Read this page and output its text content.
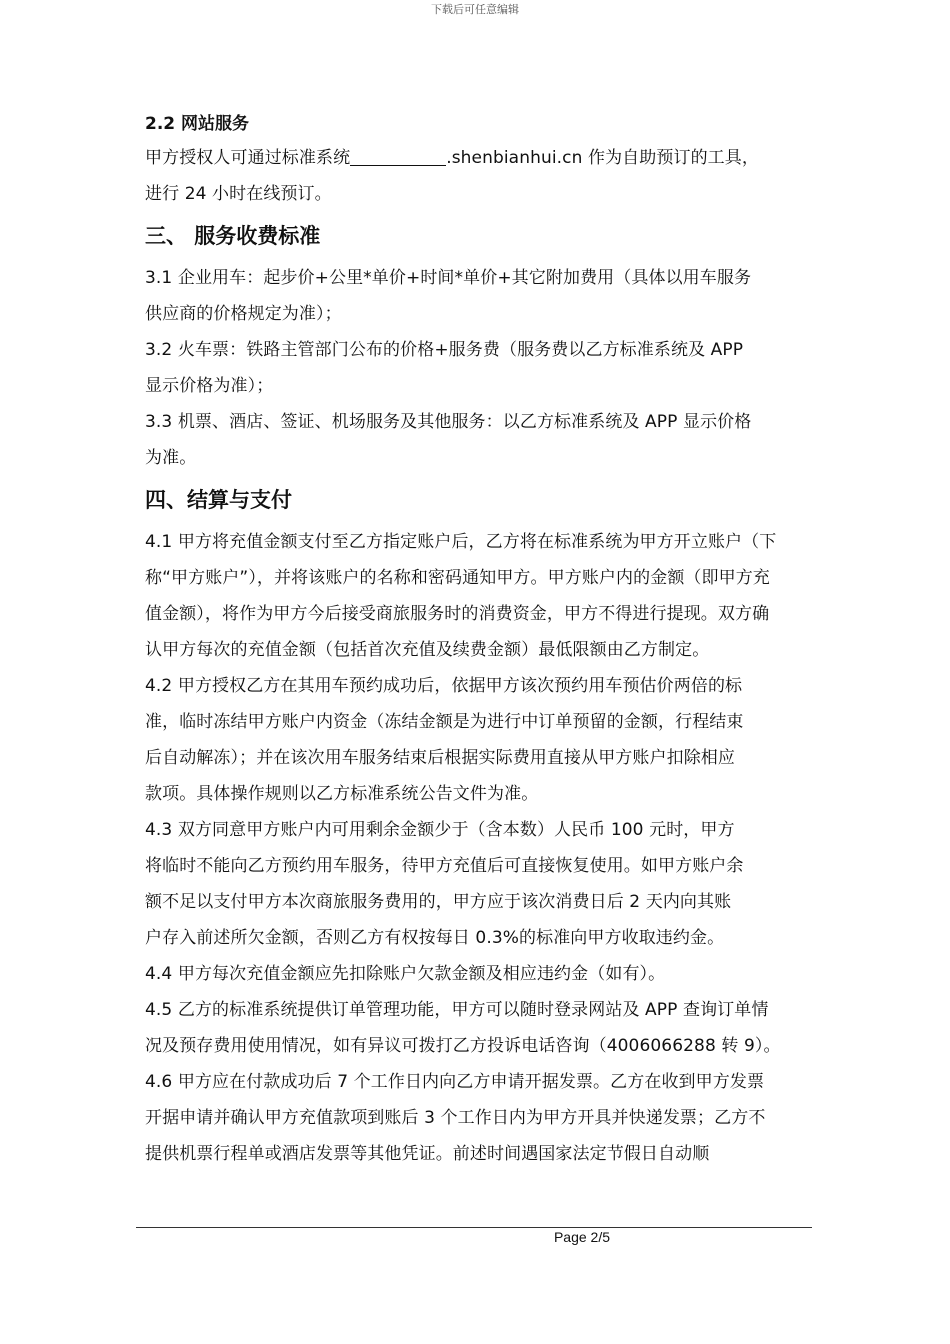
下载后可任意编辑
2.2 网站服务
甲方授权人可通过标准系统	.shenbianhui.cn 作为自助预订的工具，
进行 24 小时在线预订。
三、 服务收费标准
3.1 企业用车：起步价+公里*单价+时间*单价+其它附加费用（具体以用车服务
供应商的价格规定为准）；
3.2 火车票：铁路主管部门公布的价格+服务费（服务费以乙方标准系统及 APP
显示价格为准）；
3.3 机票、酒店、签证、机场服务及其他服务：以乙方标准系统及 APP 显示价格
为准。
四、结算与支付
4.1 甲方将充值金额支付至乙方指定账户后，乙方将在标准系统为甲方开立账户（下
称“甲方账户”），并将该账户的名称和密码通知甲方。甲方账户内的金额（即甲方充
值金额），将作为甲方今后接受商旅服务时的消费资金，甲方不得进行提现。双方确
认甲方每次的充值金额（包括首次充值及续费金额）最低限额由乙方制定。
4.2 甲方授权乙方在其用车预约成功后，依据甲方该次预约用车预估价两倍的标
准，临时冻结甲方账户内资金（冻结金额是为进行中订单预留的金额，行程结束
后自动解冻）；并在该次用车服务结束后根据实际费用直接从甲方账户扣除相应
款项。具体操作规则以乙方标准系统公告文件为准。
4.3 双方同意甲方账户内可用剩余金额少于（含本数）人民币 100 元时，甲方
将临时不能向乙方预约用车服务，待甲方充值后可直接恢复使用。如甲方账户余
额不足以支付甲方本次商旅服务费用的，甲方应于该次消费日后 2 天内向其账
户存入前述所欠金额，否则乙方有权按每日 0.3%的标准向甲方收取违约金。
4.4 甲方每次充值金额应先扣除账户欠款金额及相应违约金（如有）。
4.5 乙方的标准系统提供订单管理功能，甲方可以随时登录网站及 APP 查询订单情
况及预存费用使用情况，如有异议可拨打乙方投诉电话咨询（4006066288 转 9）。
4.6 甲方应在付款成功后 7 个工作日内向乙方申请开据发票。乙方在收到甲方发票
开据申请并确认甲方充值款项到账后 3 个工作日内为甲方开具并快递发票；乙方不
提供机票行程单或酒店发票等其他凭证。前述时间遇国家法定节假日自动顺
Page 2/5
